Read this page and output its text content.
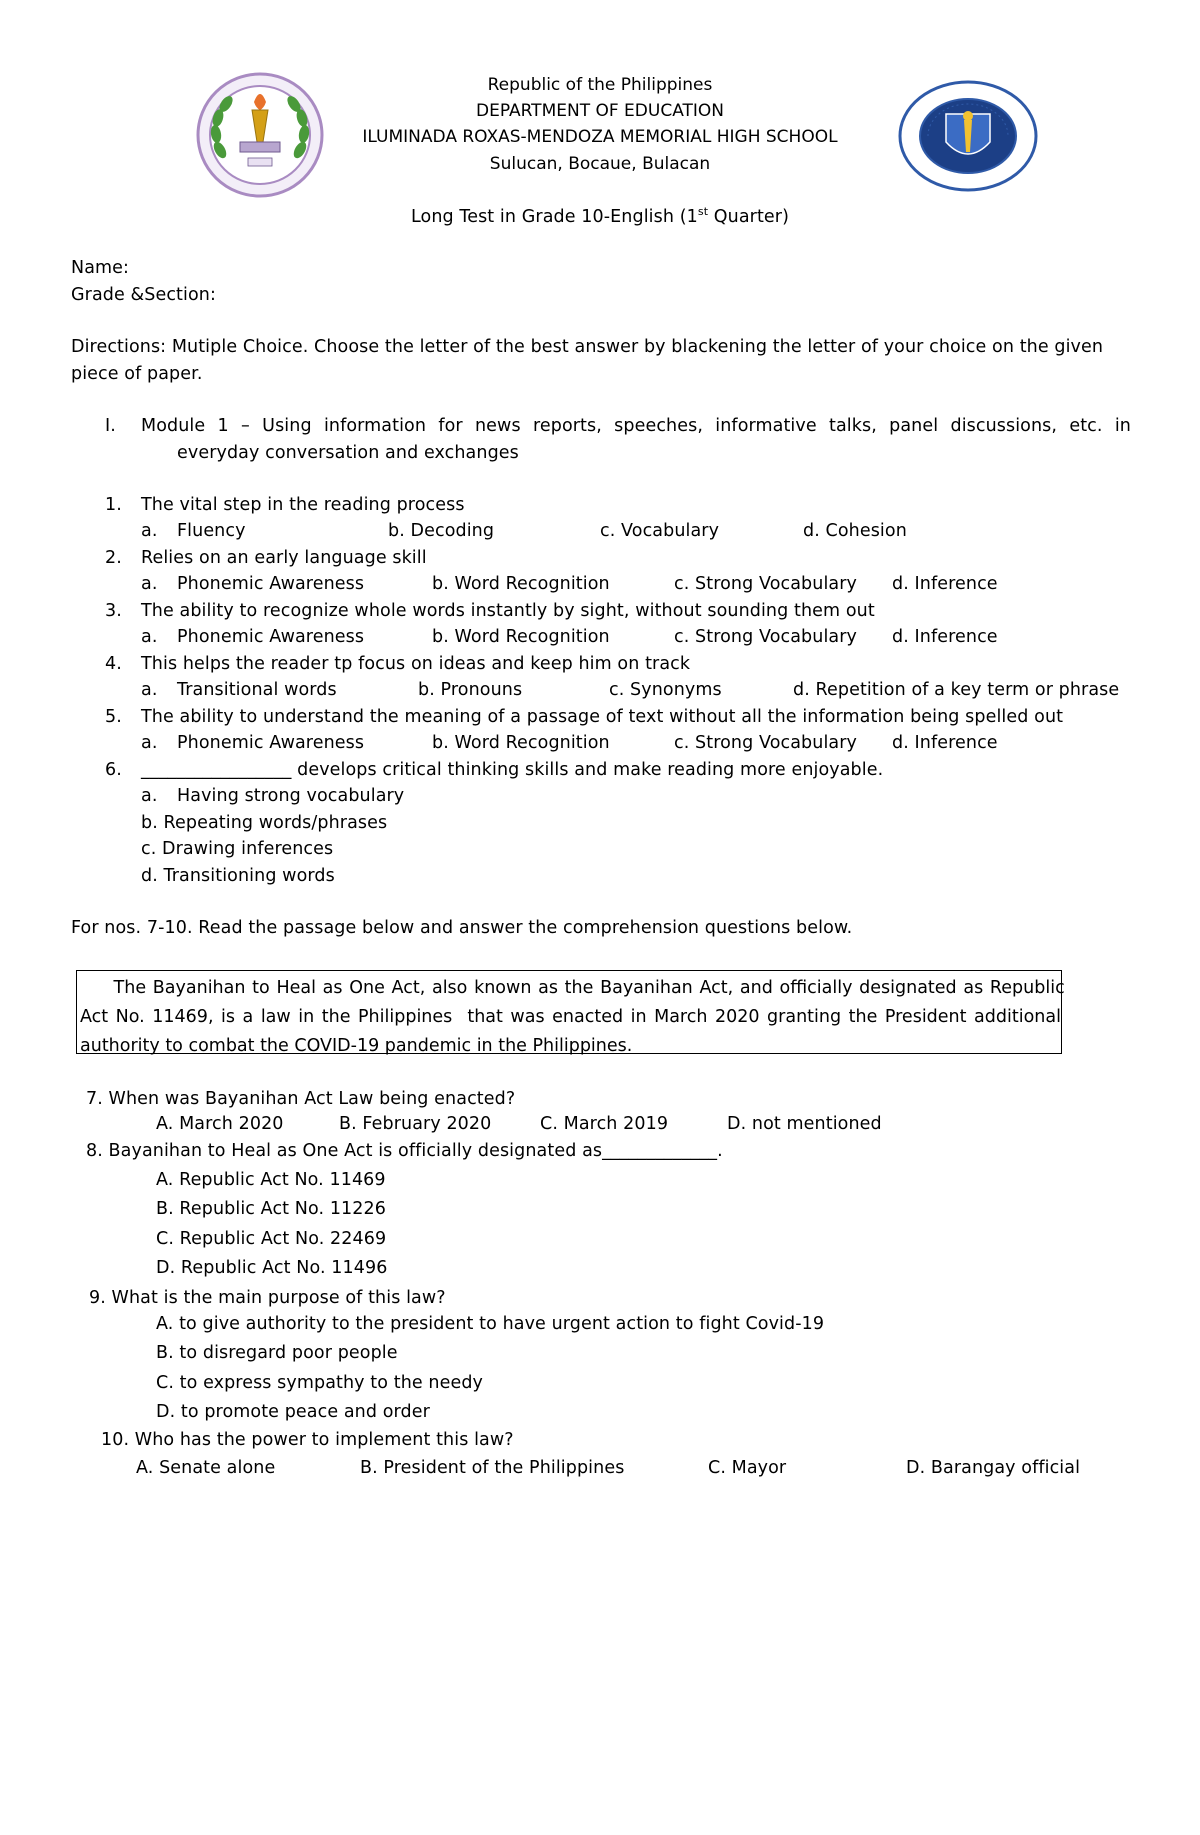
Republic of the Philippines
DEPARTMENT OF EDUCATION
ILUMINADA ROXAS-MENDOZA MEMORIAL HIGH SCHOOL
Sulucan, Bocaue, Bulacan
Long Test in Grade 10-English (1st Quarter)
Name:
Grade &Section:
Directions: Mutiple Choice. Choose the letter of the best answer by blackening the letter of your choice on the given
piece of paper.
I. Module 1 – Using information for news reports, speeches, informative talks, panel discussions, etc. in
everyday conversation and exchanges
1. The vital step in the reading process
a. Fluency	b. Decoding	c. Vocabulary	d. Cohesion
2. Relies on an early language skill
a. Phonemic Awareness	b. Word Recognition	c. Strong Vocabulary d. Inference
3. The ability to recognize whole words instantly by sight, without sounding them out
a. Phonemic Awareness	b. Word Recognition	c. Strong Vocabulary d. Inference
4. This helps the reader tp focus on ideas and keep him on track
a. Transitional words	b. Pronouns	c. Synonyms	d. Repetition of a key term or phrase
5. The ability to understand the meaning of a passage of text without all the information being spelled out
a. Phonemic Awareness	b. Word Recognition	c. Strong Vocabulary d. Inference
6. _________________ develops critical thinking skills and make reading more enjoyable.
a. Having strong vocabulary
b. Repeating words/phrases
c. Drawing inferences
d. Transitioning words
For nos. 7-10. Read the passage below and answer the comprehension questions below.
The Bayanihan to Heal as One Act, also known as the Bayanihan Act, and officially designated as Republic
Act No. 11469, is a law in the Philippines  that was enacted in March 2020 granting the President additional
authority to combat the COVID-19 pandemic in the Philippines.
7. When was Bayanihan Act Law being enacted?
A. March 2020	B. February 2020	C. March 2019	D. not mentioned
8. Bayanihan to Heal as One Act is officially designated as_____________.
A. Republic Act No. 11469
B. Republic Act No. 11226
C. Republic Act No. 22469
D. Republic Act No. 11496
9. What is the main purpose of this law?
A. to give authority to the president to have urgent action to fight Covid-19
B. to disregard poor people
C. to express sympathy to the needy
D. to promote peace and order
10. Who has the power to implement this law?
A. Senate alone	B. President of the Philippines	C. Mayor	D. Barangay official
